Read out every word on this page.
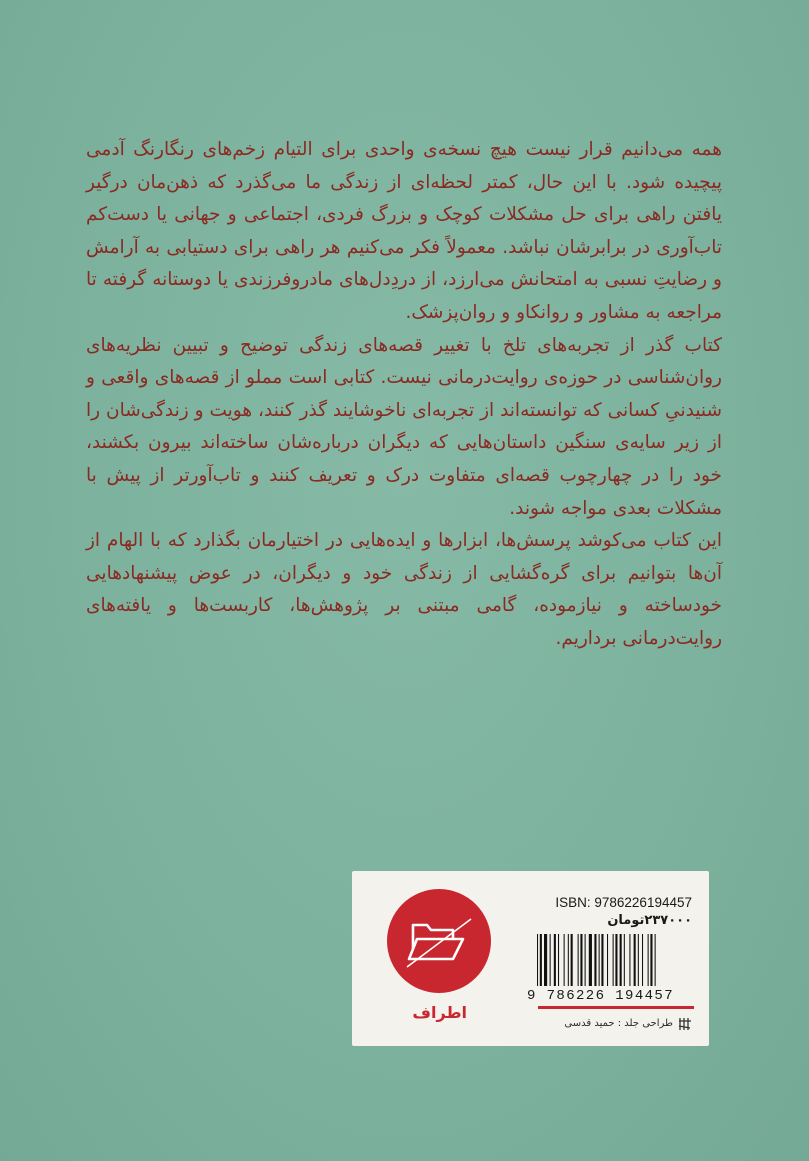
همه می‌دانیم قرار نیست هیچ نسخه‌ی واحدی برای التیام زخم‌های رنگارنگ آدمی پیچیده شود. با این حال، کمتر لحظه‌ای از زندگی ما می‌گذرد که ذهن‌مان درگیر یافتن راهی برای حل مشکلات کوچک و بزرگ فردی، اجتماعی و جهانی یا دست‌کم تاب‌آوری در برابرشان نباشد. معمولاً فکر می‌کنیم هر راهی برای دستیابی به آرامش و رضایتِ نسبی به امتحانش می‌ارزد، از دردِدل‌های مادروفرزندی یا دوستانه گرفته تا مراجعه به مشاور و روانکاو و روان‌پزشک.

کتاب گذر از تجربه‌های تلخ با تغییر قصه‌های زندگی توضیح و تبیین نظریه‌های روان‌شناسی در حوزه‌ی روایت‌درمانی نیست. کتابی است مملو از قصه‌های واقعی و شنیدنیِ کسانی که توانسته‌اند از تجربه‌ای ناخوشایند گذر کنند، هویت و زندگی‌شان را از زیر سایه‌ی سنگین داستان‌هایی که دیگران درباره‌شان ساخته‌اند بیرون بکشند، خود را در چهارچوب قصه‌ای متفاوت درک و تعریف کنند و تاب‌آورتر از پیش با مشکلات بعدی مواجه شوند.

این کتاب می‌کوشد پرسش‌ها، ابزارها و ایده‌هایی در اختیارمان بگذارد که با الهام از آن‌ها بتوانیم برای گره‌گشایی از زندگی خود و دیگران، در عوض پیشنهادهایی خودساخته و نیازموده، گامی مبتنی بر پژوهش‌ها، کاربست‌ها و یافته‌های روایت‌درمانی برداریم.

اطراف
ISBN: 9786226194457
۲۳۷۰۰۰تومان
9 786226 194457
طراحی جلد : حمید قدسی
